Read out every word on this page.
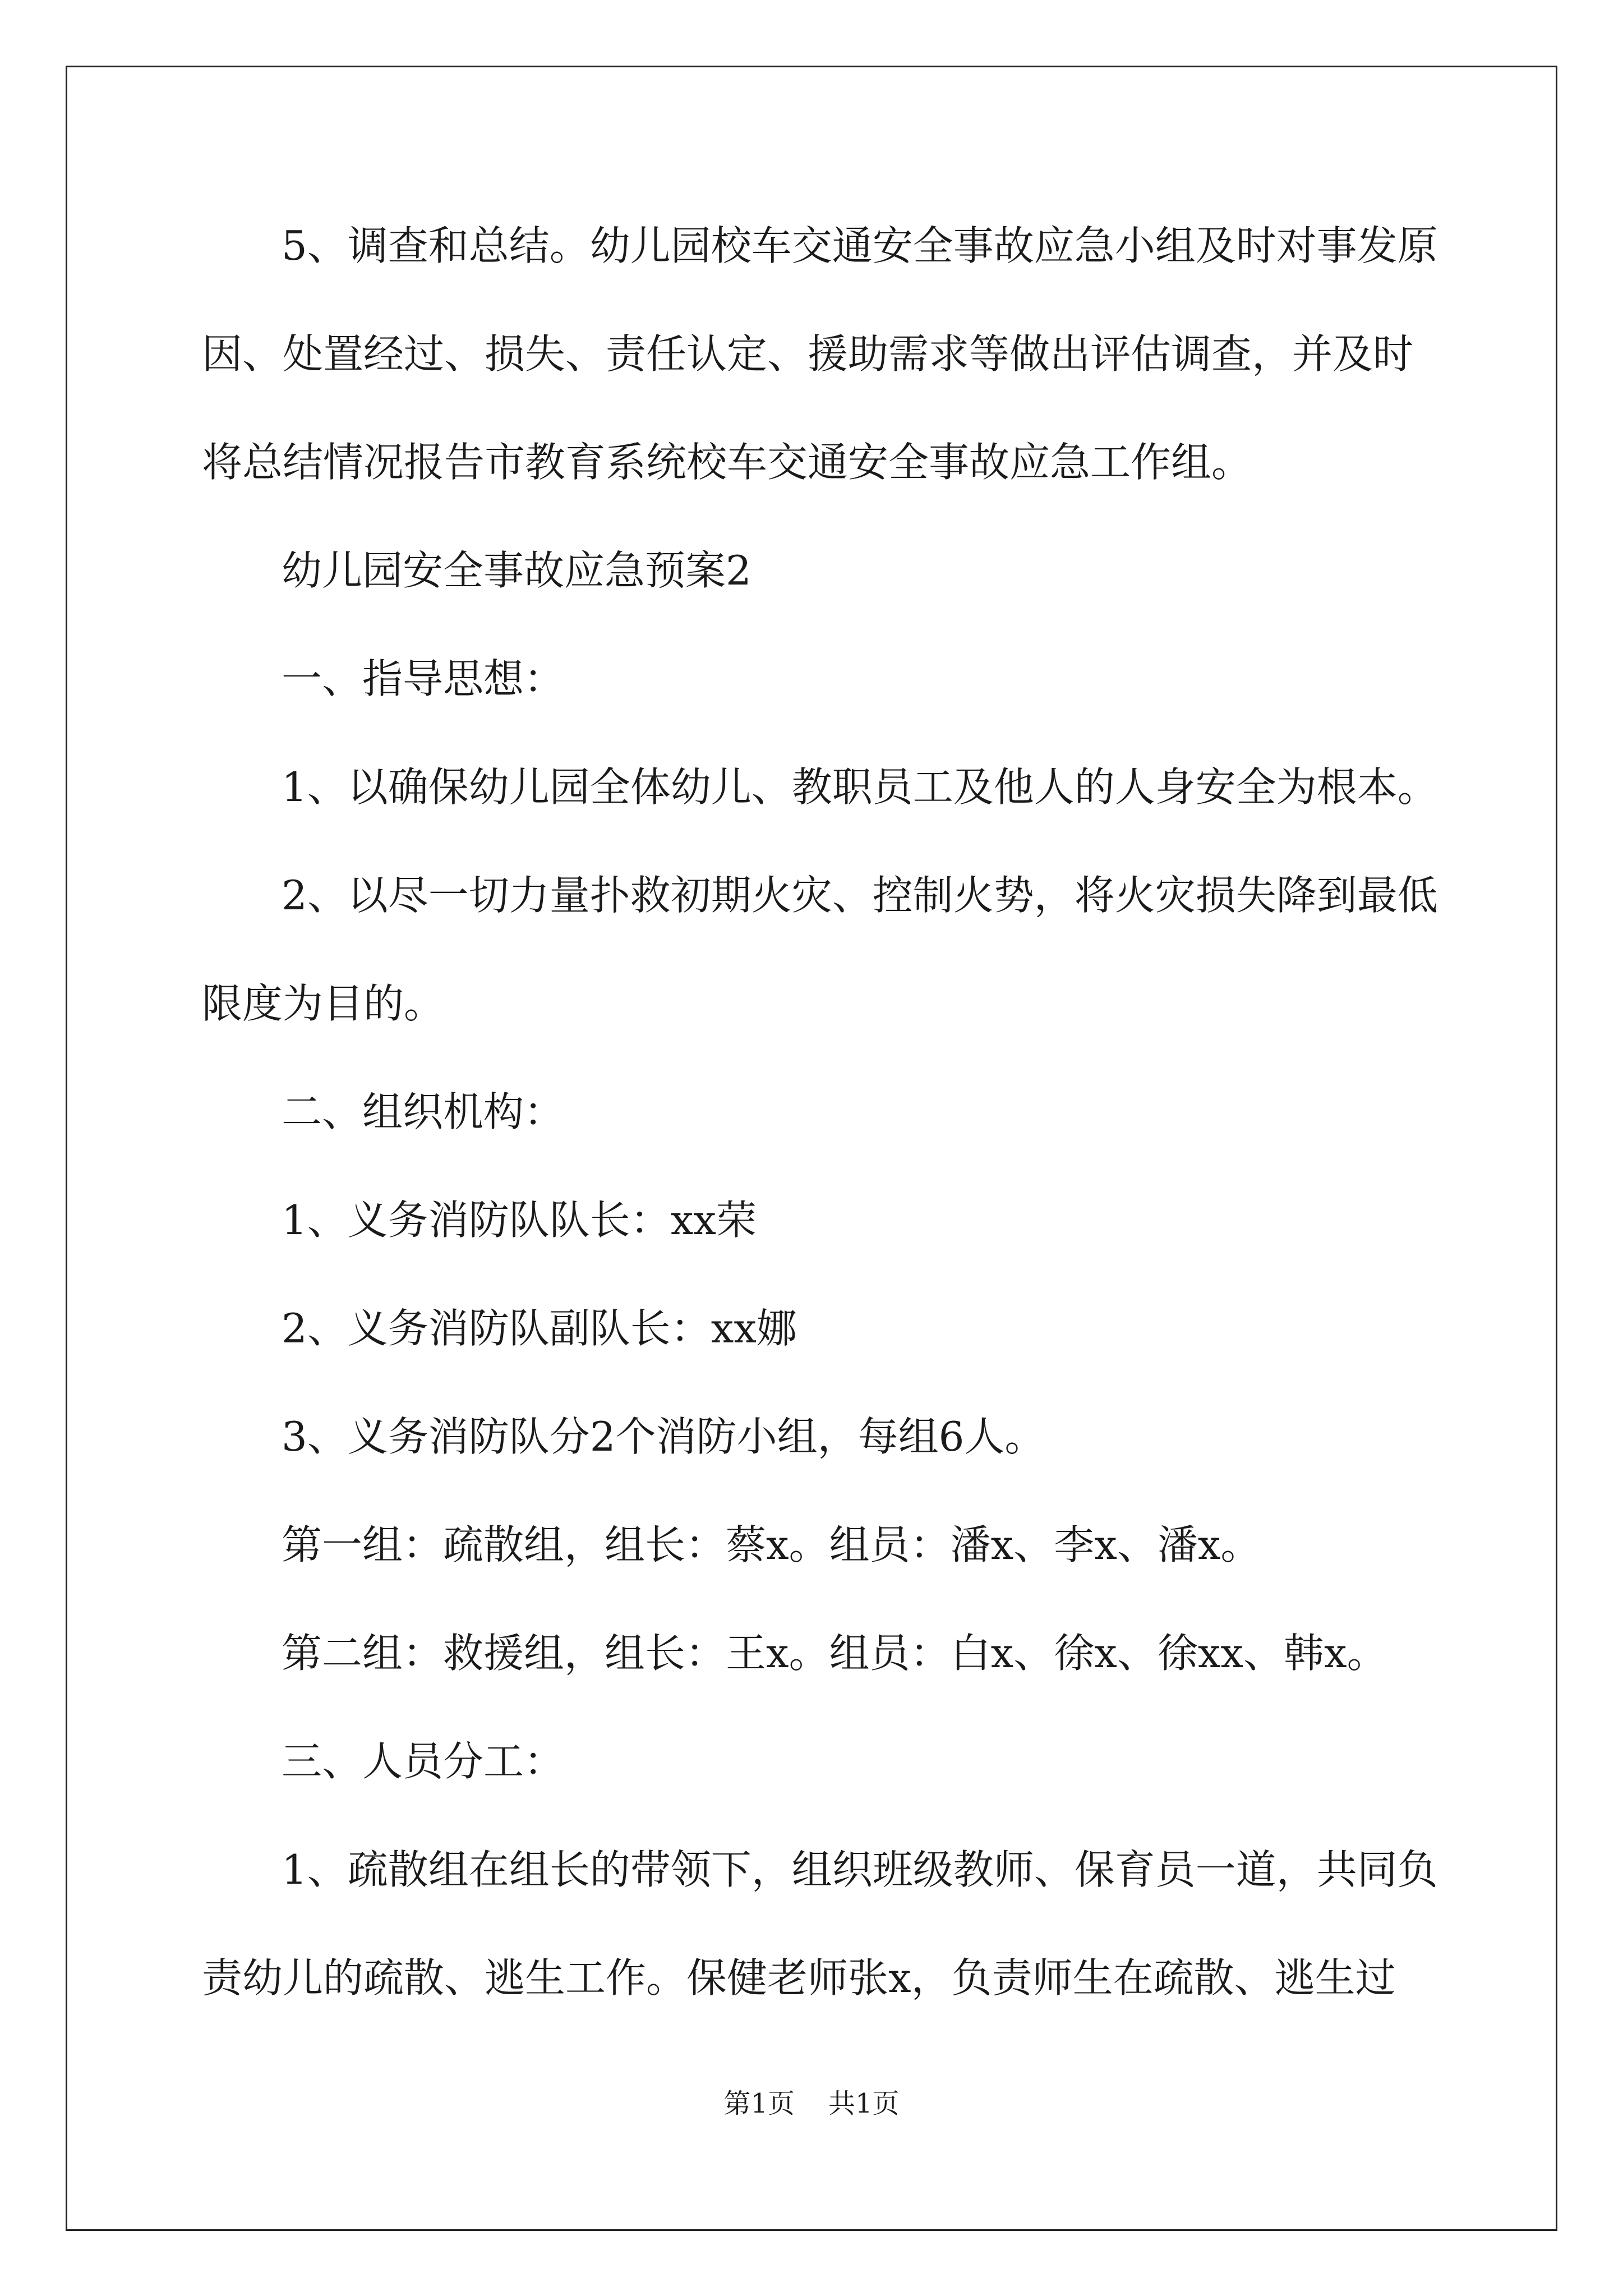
5、调查和总结。幼儿园校车交通安全事故应急小组及时对事发原
因、处置经过、损失、责任认定、援助需求等做出评估调查，并及时
将总结情况报告市教育系统校车交通安全事故应急工作组。
幼儿园安全事故应急预案2
一、指导思想：
1、以确保幼儿园全体幼儿、教职员工及他人的人身安全为根本。
2、以尽一切力量扑救初期火灾、控制火势，将火灾损失降到最低
限度为目的。
二、组织机构：
1、义务消防队队长：xx荣
2、义务消防队副队长：xx娜
3、义务消防队分2个消防小组，每组6人。
第一组：疏散组，组长：蔡x。组员：潘x、李x、潘x。
第二组：救援组，组长：王x。组员：白x、徐x、徐xx、韩x。
三、人员分工：
1、疏散组在组长的带领下，组织班级教师、保育员一道，共同负
责幼儿的疏散、逃生工作。保健老师张x，负责师生在疏散、逃生过
第1页 共1页
